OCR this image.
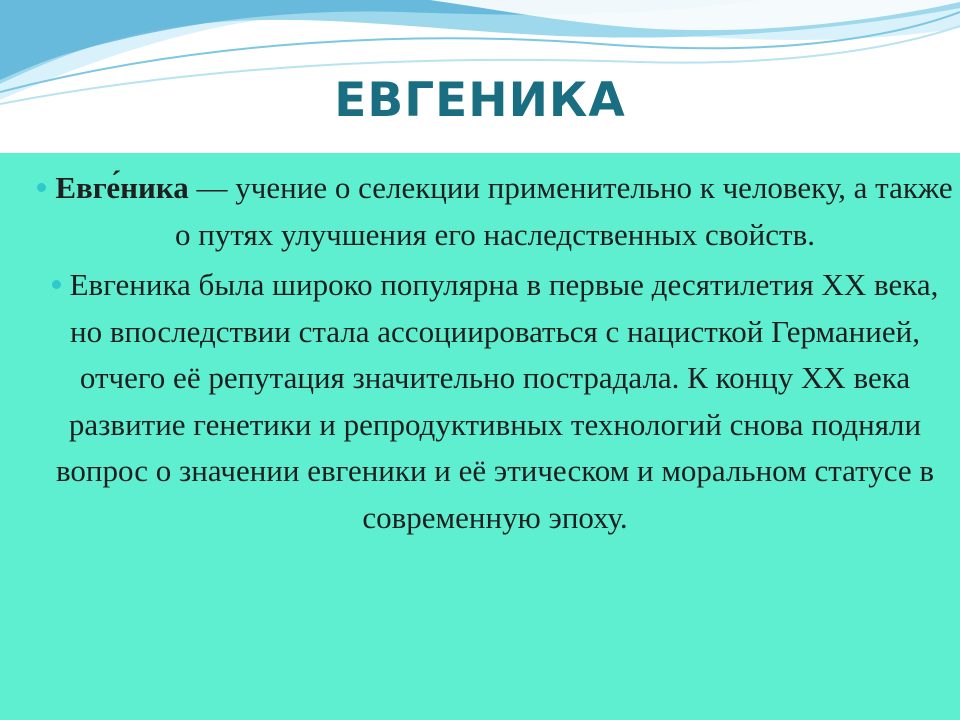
ЕВГЕНИКА
Евге́ника — учение о селекции применительно к человеку, а также о путях улучшения его наследственных свойств.
Евгеника была широко популярна в первые десятилетия XX века, но впоследствии стала ассоциироваться с нацисткой Германией, отчего её репутация значительно пострадала. К концу XX века развитие генетики и репродуктивных технологий снова подняли вопрос о значении евгеники и её этическом и моральном статусе в современную эпоху.
